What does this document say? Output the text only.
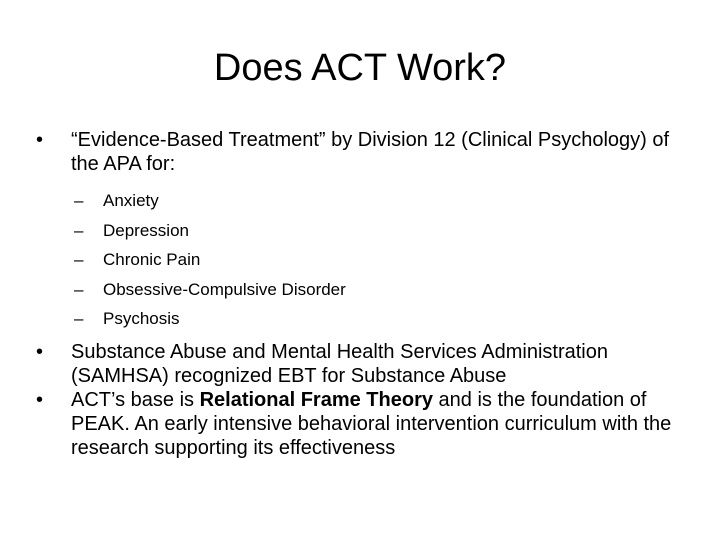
Does ACT Work?
•	“Evidence-Based Treatment” by Division 12 (Clinical Psychology) of the APA for:
– Anxiety
– Depression
– Chronic Pain
– Obsessive-Compulsive Disorder
– Psychosis
•	Substance Abuse and Mental Health Services Administration (SAMHSA) recognized EBT for Substance Abuse
•	ACT’s base is Relational Frame Theory and is the foundation of PEAK. An early intensive behavioral intervention curriculum with the research supporting its effectiveness
